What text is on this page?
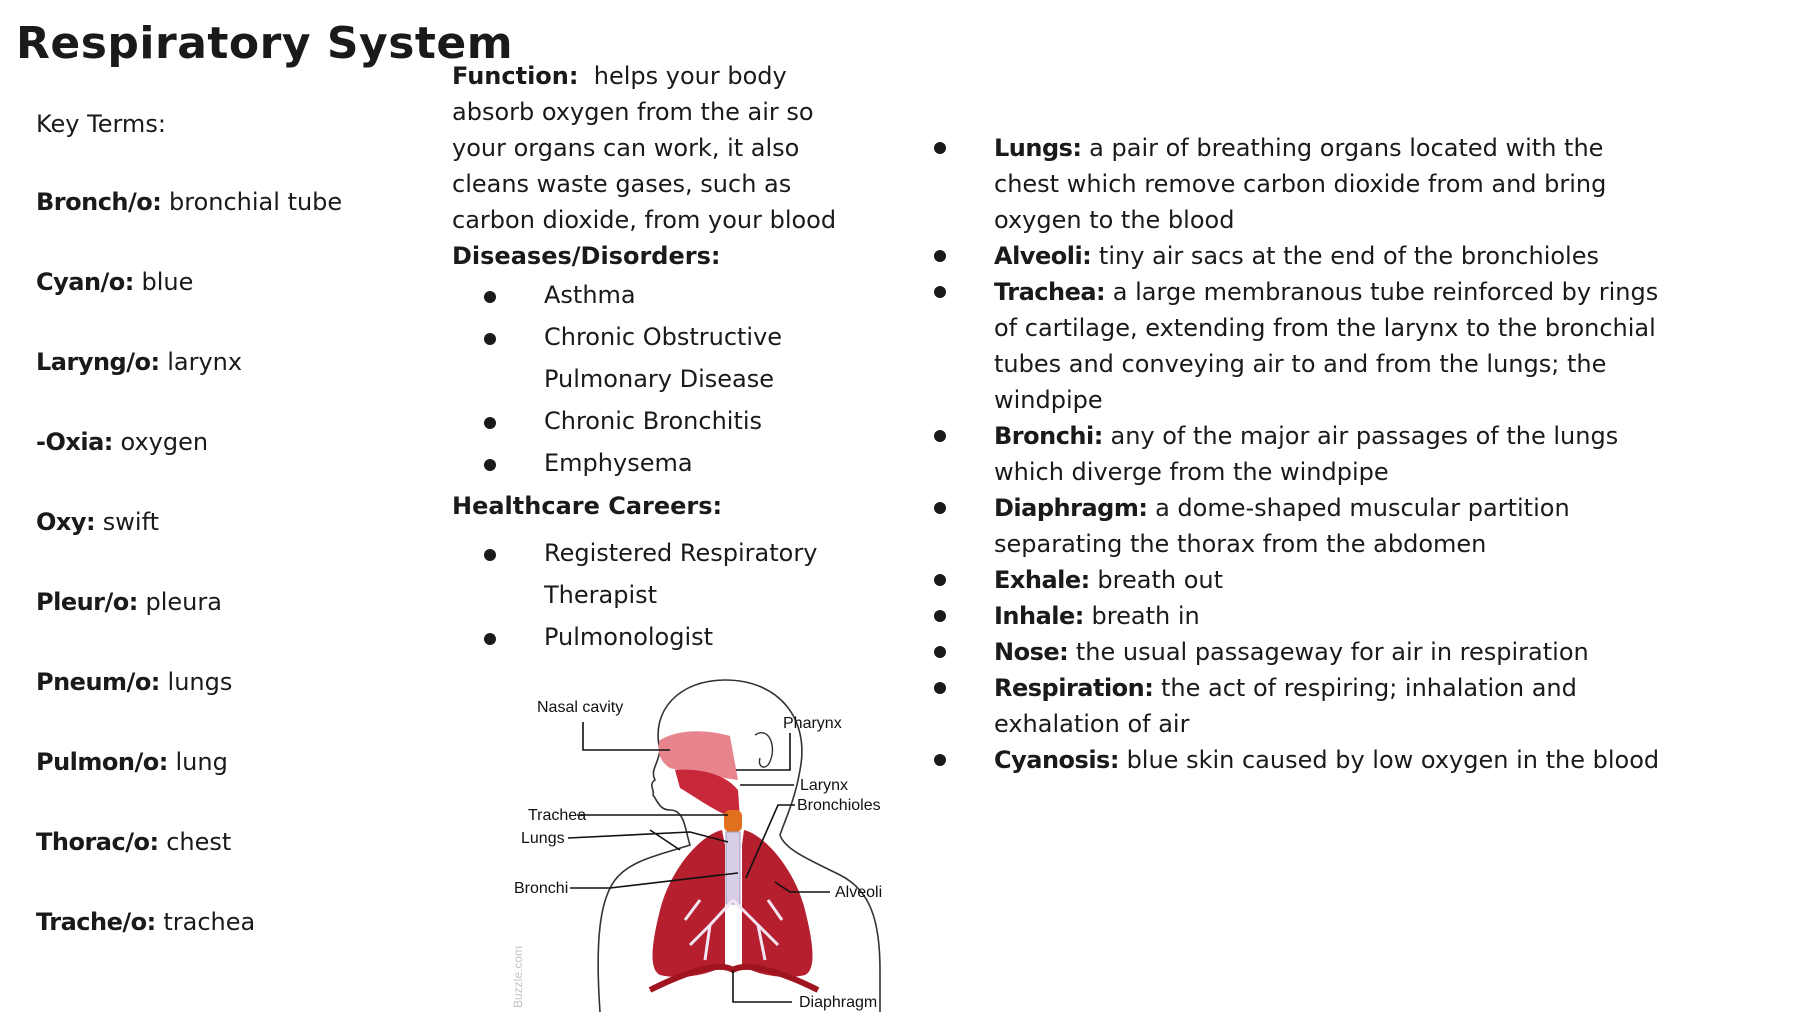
Respiratory System
Key Terms:
Bronch/o: bronchial tube
Cyan/o: blue
Laryng/o: larynx
-Oxia: oxygen
Oxy: swift
Pleur/o: pleura
Pneum/o: lungs
Pulmon/o: lung
Thorac/o: chest
Trache/o: trachea
Function: helps your body
absorb oxygen from the air so
your organs can work, it also
cleans waste gases, such as
carbon dioxide, from your blood
Diseases/Disorders:
Asthma
Chronic Obstructive
Pulmonary Disease
Chronic Bronchitis
Emphysema
Healthcare Careers:
Registered Respiratory
Therapist
Pulmonologist
Nasal cavity
Pharynx
Larynx
Trachea
Bronchioles
Lungs
Bronchi	Alveoli
Diaphragm
Buzzle.com
Lungs: a pair of breathing organs located with the chest which remove carbon dioxide from and bring oxygen to the blood
Alveoli: tiny air sacs at the end of the bronchioles
Trachea: a large membranous tube reinforced by rings of cartilage, extending from the larynx to the bronchial tubes and conveying air to and from the lungs; the windpipe
Bronchi: any of the major air passages of the lungs which diverge from the windpipe
Diaphragm: a dome-shaped muscular partition separating the thorax from the abdomen
Exhale: breath out
Inhale: breath in
Nose: the usual passageway for air in respiration
Respiration: the act of respiring; inhalation and exhalation of air
Cyanosis: blue skin caused by low oxygen in the blood
